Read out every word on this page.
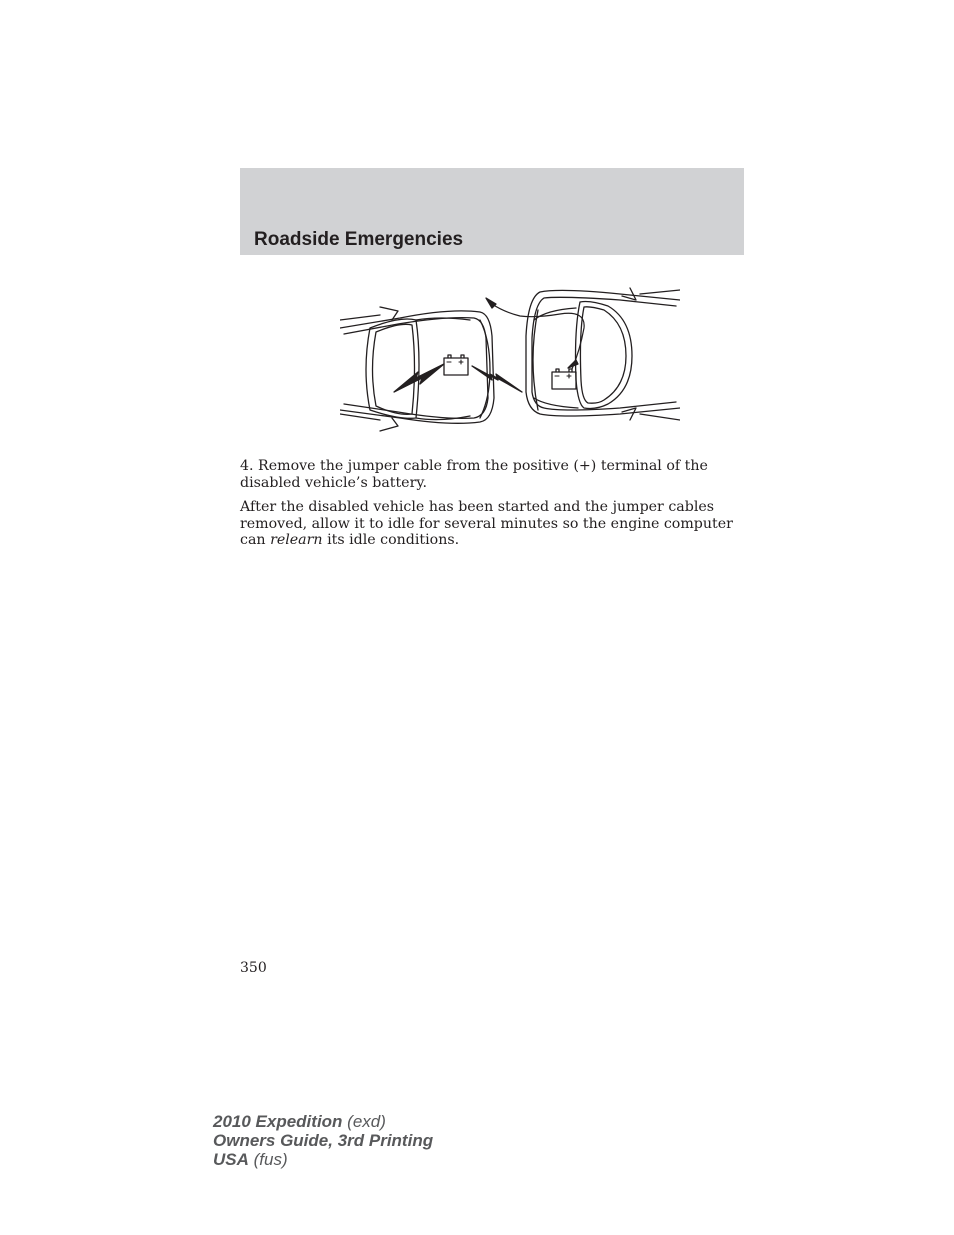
Roadside Emergencies

4. Remove the jumper cable from the positive (+) terminal of the disabled vehicle’s battery.

After the disabled vehicle has been started and the jumper cables removed, allow it to idle for several minutes so the engine computer can relearn its idle conditions.

350
2010 Expedition (exd)
Owners Guide, 3rd Printing
USA (fus)
